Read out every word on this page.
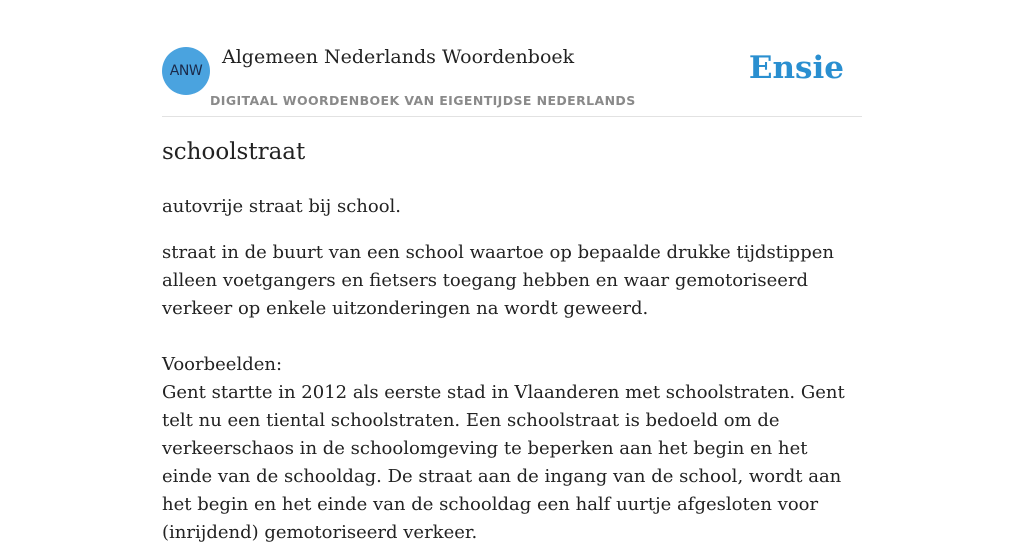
ANW
Algemeen Nederlands Woordenboek
DIGITAAL WOORDENBOEK VAN EIGENTIJDSE NEDERLANDS
Ensie
schoolstraat

autovrije straat bij school.

straat in de buurt van een school waartoe op bepaalde drukke tijdstippen alleen voetgangers en fietsers toegang hebben en waar gemotoriseerd verkeer op enkele uitzonderingen na wordt geweerd.

Voorbeelden:

Gent startte in 2012 als eerste stad in Vlaanderen met schoolstraten. Gent telt nu een tiental schoolstraten. Een schoolstraat is bedoeld om de verkeerschaos in de schoolomgeving te beperken aan het begin en het einde van de schooldag. De straat aan de ingang van de school, wordt aan het begin en het einde van de schooldag een half uurtje afgesloten voor (inrijdend) gemotoriseerd verkeer.
